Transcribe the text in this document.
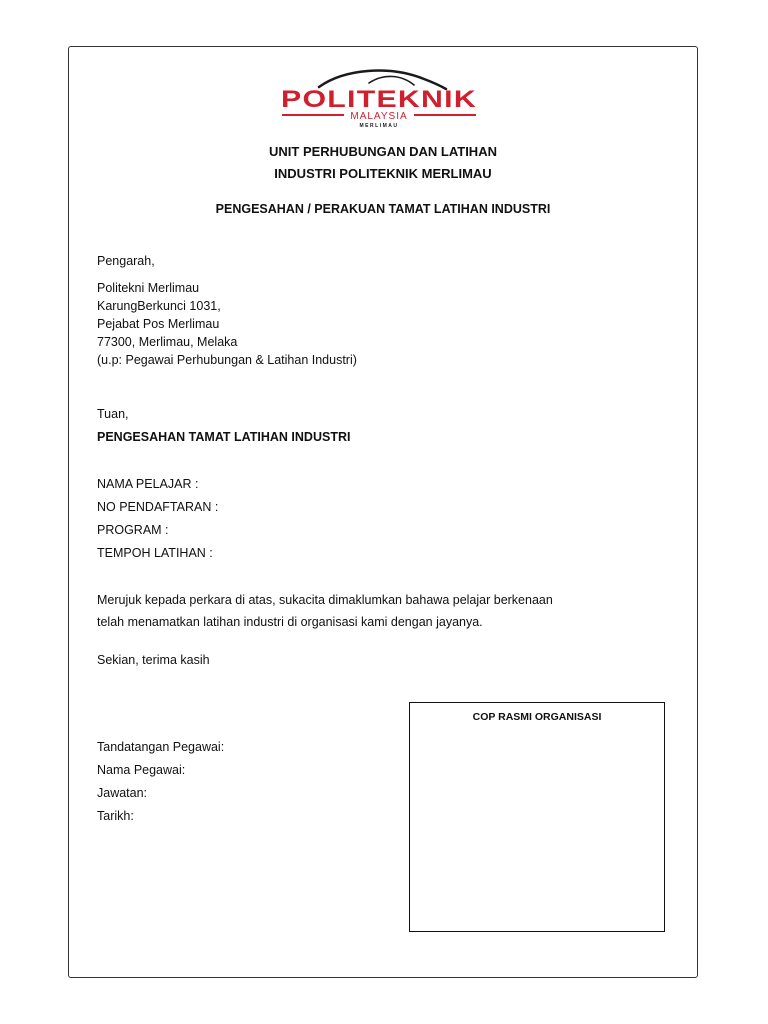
POLITEKNIK
MALAYSIA
MERLIMAU
UNIT PERHUBUNGAN DAN LATIHAN
INDUSTRI POLITEKNIK MERLIMAU
PENGESAHAN / PERAKUAN TAMAT LATIHAN INDUSTRI
Pengarah,
Politekni Merlimau
KarungBerkunci 1031,
Pejabat Pos Merlimau
77300, Merlimau, Melaka
(u.p: Pegawai Perhubungan & Latihan Industri)
Tuan,
PENGESAHAN TAMAT LATIHAN INDUSTRI
NAMA PELAJAR :
NO PENDAFTARAN :
PROGRAM :
TEMPOH LATIHAN :
Merujuk kepada perkara di atas, sukacita dimaklumkan bahawa pelajar berkenaan
telah menamatkan latihan industri di organisasi kami dengan jayanya.
Sekian, terima kasih
Tandatangan Pegawai:
Nama Pegawai:
Jawatan:
Tarikh:
COP RASMI ORGANISASI
